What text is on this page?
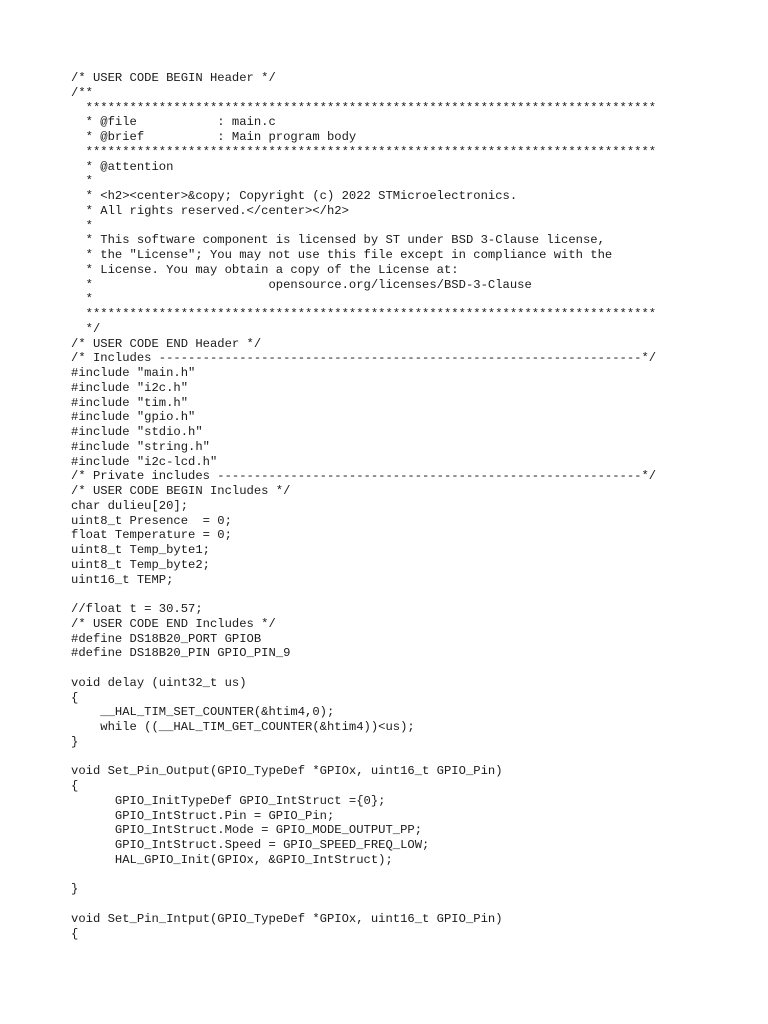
/* USER CODE BEGIN Header */
/**
******************************************************************************
* @file           : main.c
* @brief          : Main program body
******************************************************************************
* @attention
*
* <h2><center>&copy; Copyright (c) 2022 STMicroelectronics.
* All rights reserved.</center></h2>
*
* This software component is licensed by ST under BSD 3-Clause license,
* the "License"; You may not use this file except in compliance with the
* License. You may obtain a copy of the License at:
*                        opensource.org/licenses/BSD-3-Clause
*
******************************************************************************
*/
/* USER CODE END Header */
/* Includes ------------------------------------------------------------------*/
#include "main.h"
#include "i2c.h"
#include "tim.h"
#include "gpio.h"
#include "stdio.h"
#include "string.h"
#include "i2c-lcd.h"
/* Private includes ----------------------------------------------------------*/
/* USER CODE BEGIN Includes */
char dulieu[20];
uint8_t Presence  = 0;
float Temperature = 0;
uint8_t Temp_byte1;
uint8_t Temp_byte2;
uint16_t TEMP;
//float t = 30.57;
/* USER CODE END Includes */
#define DS18B20_PORT GPIOB
#define DS18B20_PIN GPIO_PIN_9
void delay (uint32_t us)
{
__HAL_TIM_SET_COUNTER(&htim4,0);
while ((__HAL_TIM_GET_COUNTER(&htim4))<us);
}
void Set_Pin_Output(GPIO_TypeDef *GPIOx, uint16_t GPIO_Pin)
{
GPIO_InitTypeDef GPIO_IntStruct ={0};
GPIO_IntStruct.Pin = GPIO_Pin;
GPIO_IntStruct.Mode = GPIO_MODE_OUTPUT_PP;
GPIO_IntStruct.Speed = GPIO_SPEED_FREQ_LOW;
HAL_GPIO_Init(GPIOx, &GPIO_IntStruct);
}
void Set_Pin_Intput(GPIO_TypeDef *GPIOx, uint16_t GPIO_Pin)
{
